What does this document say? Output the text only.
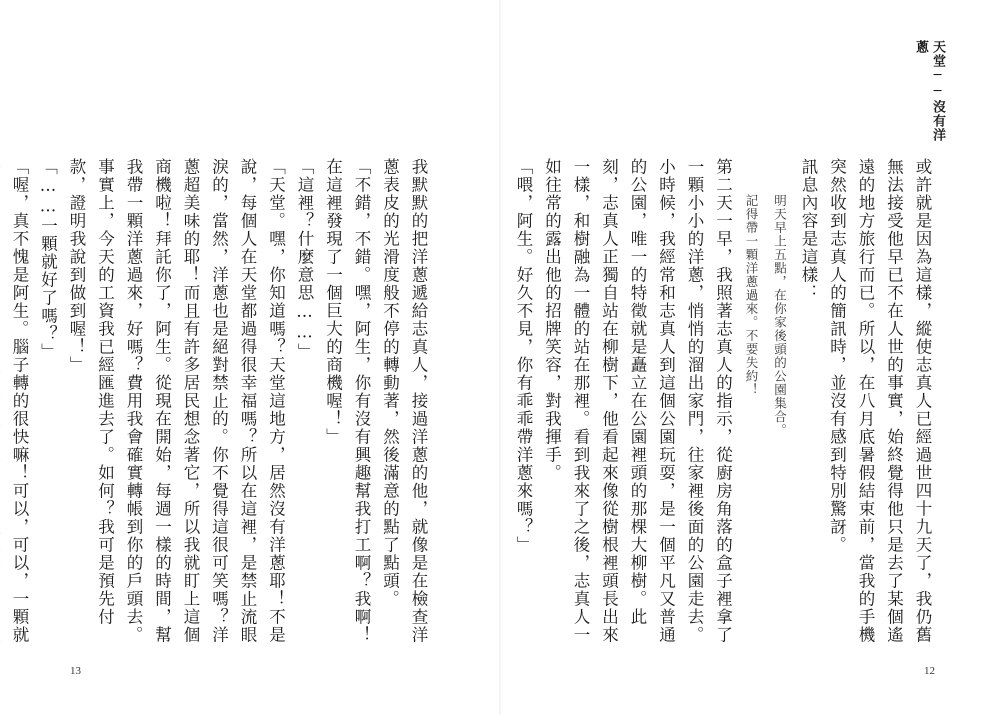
我默默的把洋蔥遞給志真人，接過洋蔥的他，就像是在檢查洋蔥表皮的光滑度般不停的轉動著，然後滿意的點了點頭。

「不錯，不錯。嘿，阿生，你有沒有興趣幫我打工啊？我啊！在這裡發現了一個巨大的商機喔！」

「這裡？什麼意思……」

「天堂。嘿，你知道嗎？天堂這地方，居然沒有洋蔥耶！不是說，每個人在天堂都過得很幸福嗎？所以在這裡，是禁止流眼淚的，當然，洋蔥也是絕對禁止的。你不覺得這很可笑嗎？洋蔥超美味的耶！而且有許多居民想念著它，所以我就盯上這個商機啦！拜託你了，阿生。從現在開始，每週一樣的時間，幫我帶一顆洋蔥過來，好嗎？費用我會確實轉帳到你的戶頭去。事實上，今天的工資我已經匯進去了。如何？我可是預先付款，證明我說到做到喔！」

「……一顆就好了嗎？」

「喔，真不愧是阿生。腦子轉的很快嘛！可以，可以，一顆就

13
天堂──沒有洋蔥

或許就是因為這樣，縱使志真人已經過世四十九天了，我仍舊無法接受他早已不在人世的事實，始終覺得他只是去了某個遙遠的地方旅行而已。所以，在八月底暑假結束前，當我的手機突然收到志真人的簡訊時，並沒有感到特別驚訝。

訊息內容是這樣：

明天早上五點，在你家後頭的公園集合。

記得帶一顆洋蔥過來。不要失約！

第二天一早，我照著志真人的指示，從廚房角落的盒子裡拿了一顆小小的洋蔥，悄悄的溜出家門，往家裡後面的公園走去。小時候，我經常和志真人到這個公園玩耍，是一個平凡又普通的公園，唯一的特徵就是矗立在公園裡頭的那棵大柳樹。此刻，志真人正獨自站在柳樹下，他看起來像從樹根裡頭長出來一樣，和樹融為一體的站在那裡。看到我來了之後，志真人一如往常的露出他的招牌笑容，對我揮手。

「喂，阿生。好久不見，你有乖乖帶洋蔥來嗎？」

12
